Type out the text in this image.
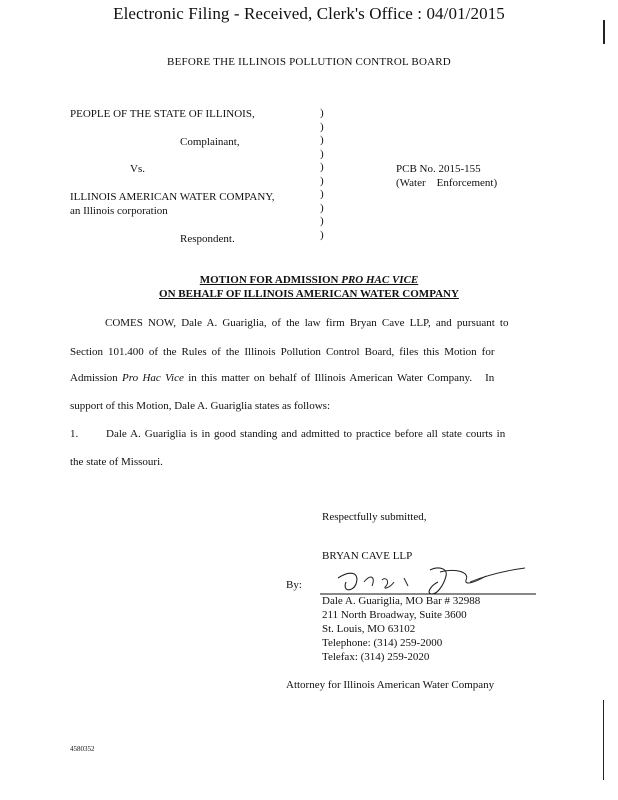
Electronic Filing - Received, Clerk's Office : 04/01/2015
BEFORE THE ILLINOIS POLLUTION CONTROL BOARD
PEOPLE OF THE STATE OF ILLINOIS,
Complainant,
Vs.
ILLINOIS AMERICAN WATER COMPANY,
an Illinois corporation
Respondent.
)
)
)
)
)
)
)
)
)
)
PCB No. 2015-155
(Water    Enforcement)
MOTION FOR ADMISSION PRO HAC VICE
ON BEHALF OF ILLINOIS AMERICAN WATER COMPANY
COMES NOW, Dale A. Guariglia, of the law firm Bryan Cave LLP, and pursuant to
Section 101.400 of the Rules of the Illinois Pollution Control Board, files this Motion for
Admission Pro Hac Vice in this matter on behalf of Illinois American Water Company.   In
support of this Motion, Dale A. Guariglia states as follows:
1.	Dale A. Guariglia is in good standing and admitted to practice before all state courts in
the state of Missouri.
Respectfully submitted,
BRYAN CAVE LLP
By:
Dale A. Guariglia, MO Bar # 32988
211 North Broadway, Suite 3600
St. Louis, MO 63102
Telephone: (314) 259-2000
Telefax: (314) 259-2020
Attorney for Illinois American Water Company
4580352
